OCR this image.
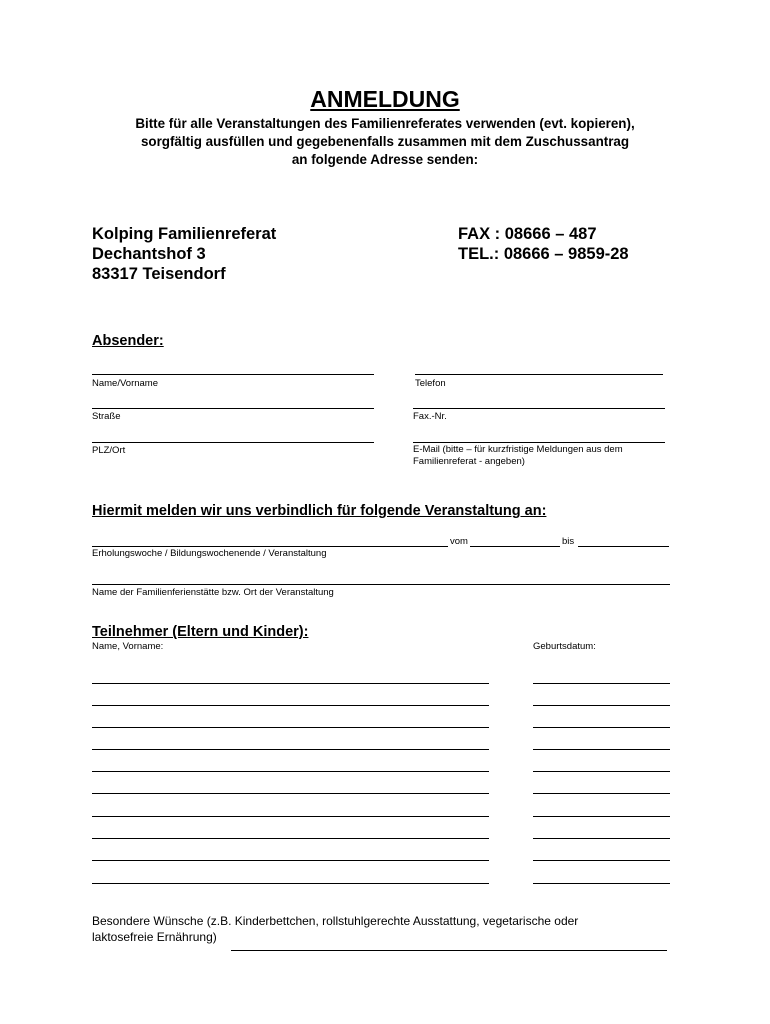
ANMELDUNG
Bitte für alle Veranstaltungen des Familienreferates verwenden (evt. kopieren),
sorgfältig ausfüllen und gegebenenfalls zusammen mit dem Zuschussantrag
an folgende Adresse senden:
Kolping Familienreferat
Dechantshof 3
83317 Teisendorf
FAX : 08666 – 487
TEL.: 08666 – 9859-28
Absender:
Name/Vorname	Telefon
Straße	Fax.-Nr.
PLZ/Ort	E-Mail (bitte – für kurzfristige Meldungen aus dem
Familienreferat - angeben)
Hiermit melden wir uns verbindlich für folgende Veranstaltung an:
vom	bis
Erholungswoche / Bildungswochenende / Veranstaltung
Name der Familienferienstätte bzw. Ort der Veranstaltung
Teilnehmer (Eltern und Kinder):
Name, Vorname:	Geburtsdatum:
Besondere Wünsche (z.B. Kinderbettchen, rollstuhlgerechte Ausstattung, vegetarische oder
laktosefreie Ernährung)
